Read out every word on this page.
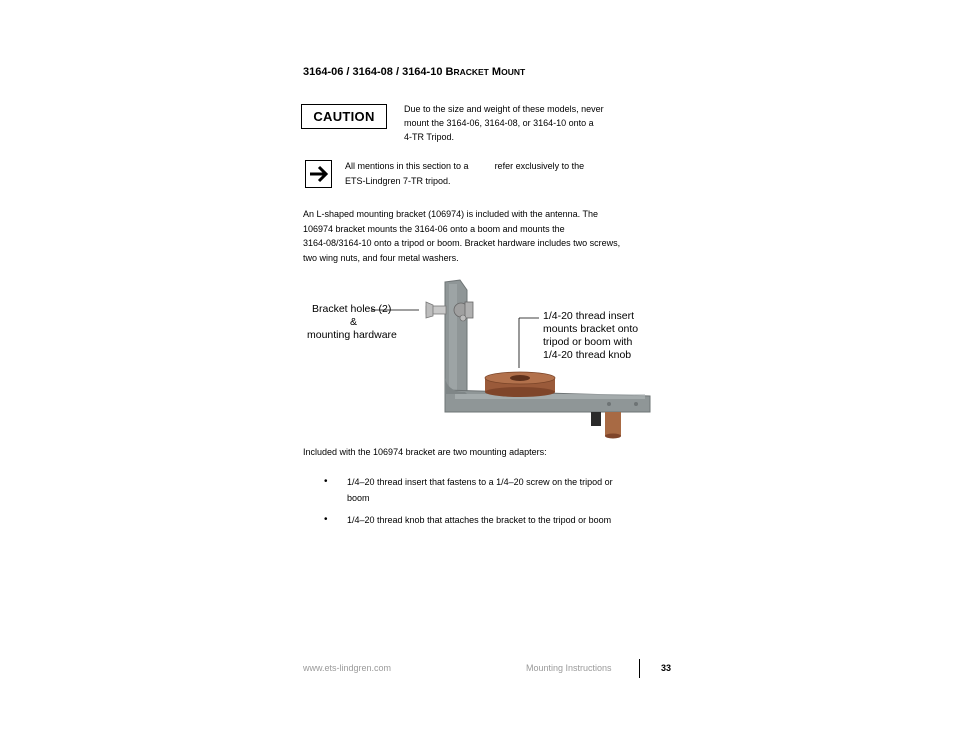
3164-06 / 3164-08 / 3164-10 BRACKET MOUNT
CAUTION	Due to the size and weight of these models, never
mount the 3164-06, 3164-08, or 3164-10 onto a
4-TR Tripod.
All mentions in this section to a	refer exclusively to the
ETS-Lindgren 7-TR tripod.
An L-shaped mounting bracket (106974) is included with the antenna. The
106974 bracket mounts the 3164-06 onto a boom and mounts the
3164-08/3164-10 onto a tripod or boom. Bracket hardware includes two screws,
two wing nuts, and four metal washers.
Bracket holes (2)
&
mounting hardware
1/4-20 thread insert
mounts bracket onto
tripod or boom with
1/4-20 thread knob
Included with the 106974 bracket are two mounting adapters:
• 1/4–20 thread insert that fastens to a 1/4–20 screw on the tripod or
boom
• 1/4–20 thread knob that attaches the bracket to the tripod or boom
www.ets-lindgren.com	Mounting Instructions	33
